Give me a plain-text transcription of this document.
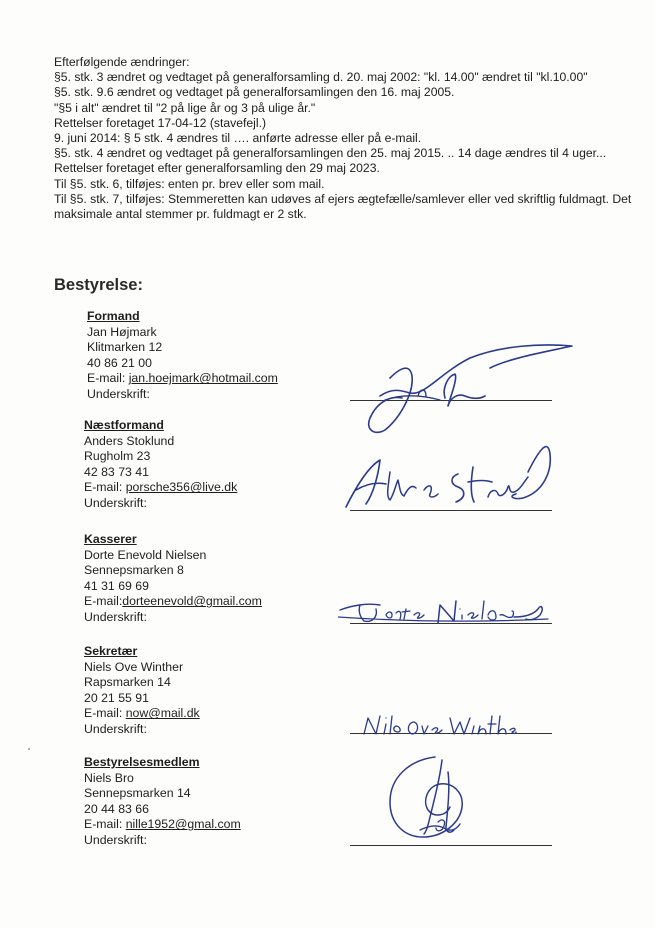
Efterfølgende ændringer:
§5. stk. 3 ændret og vedtaget på generalforsamling d. 20. maj 2002: "kl. 14.00" ændret til "kl.10.00"
§5. stk. 9.6 ændret og vedtaget på generalforsamlingen den 16. maj 2005.
"§5 i alt" ændret til "2 på lige år og 3 på ulige år."
Rettelser foretaget 17-04-12 (stavefejl.)
9. juni 2014: § 5 stk. 4 ændres til …. anførte adresse eller på e-mail.
§5. stk. 4 ændret og vedtaget på generalforsamlingen den 25. maj 2015. .. 14 dage ændres til 4 uger...
Rettelser foretaget efter generalforsamling den 29 maj 2023.
Til §5. stk. 6, tilføjes: enten pr. brev eller som mail.
Til §5. stk. 7, tilføjes: Stemmeretten kan udøves af ejers ægtefælle/samlever eller ved skriftlig fuldmagt. Det maksimale antal stemmer pr. fuldmagt er 2 stk.
Bestyrelse:
Formand
Jan Højmark
Klitmarken 12
40 86 21 00
E-mail: jan.hoejmark@hotmail.com
Underskrift:
Næstformand
Anders Stoklund
Rugholm 23
42 83 73 41
E-mail: porsche356@live.dk
Underskrift:
Kasserer
Dorte Enevold Nielsen
Sennepsmarken 8
41 31 69 69
E-mail:dorteenevold@gmail.com
Underskrift:
Sekretær
Niels Ove Winther
Rapsmarken 14
20 21 55 91
E-mail: now@mail.dk
Underskrift:
Bestyrelsesmedlem
Niels Bro
Sennepsmarken 14
20 44 83 66
E-mail: nille1952@gmal.com
Underskrift:
